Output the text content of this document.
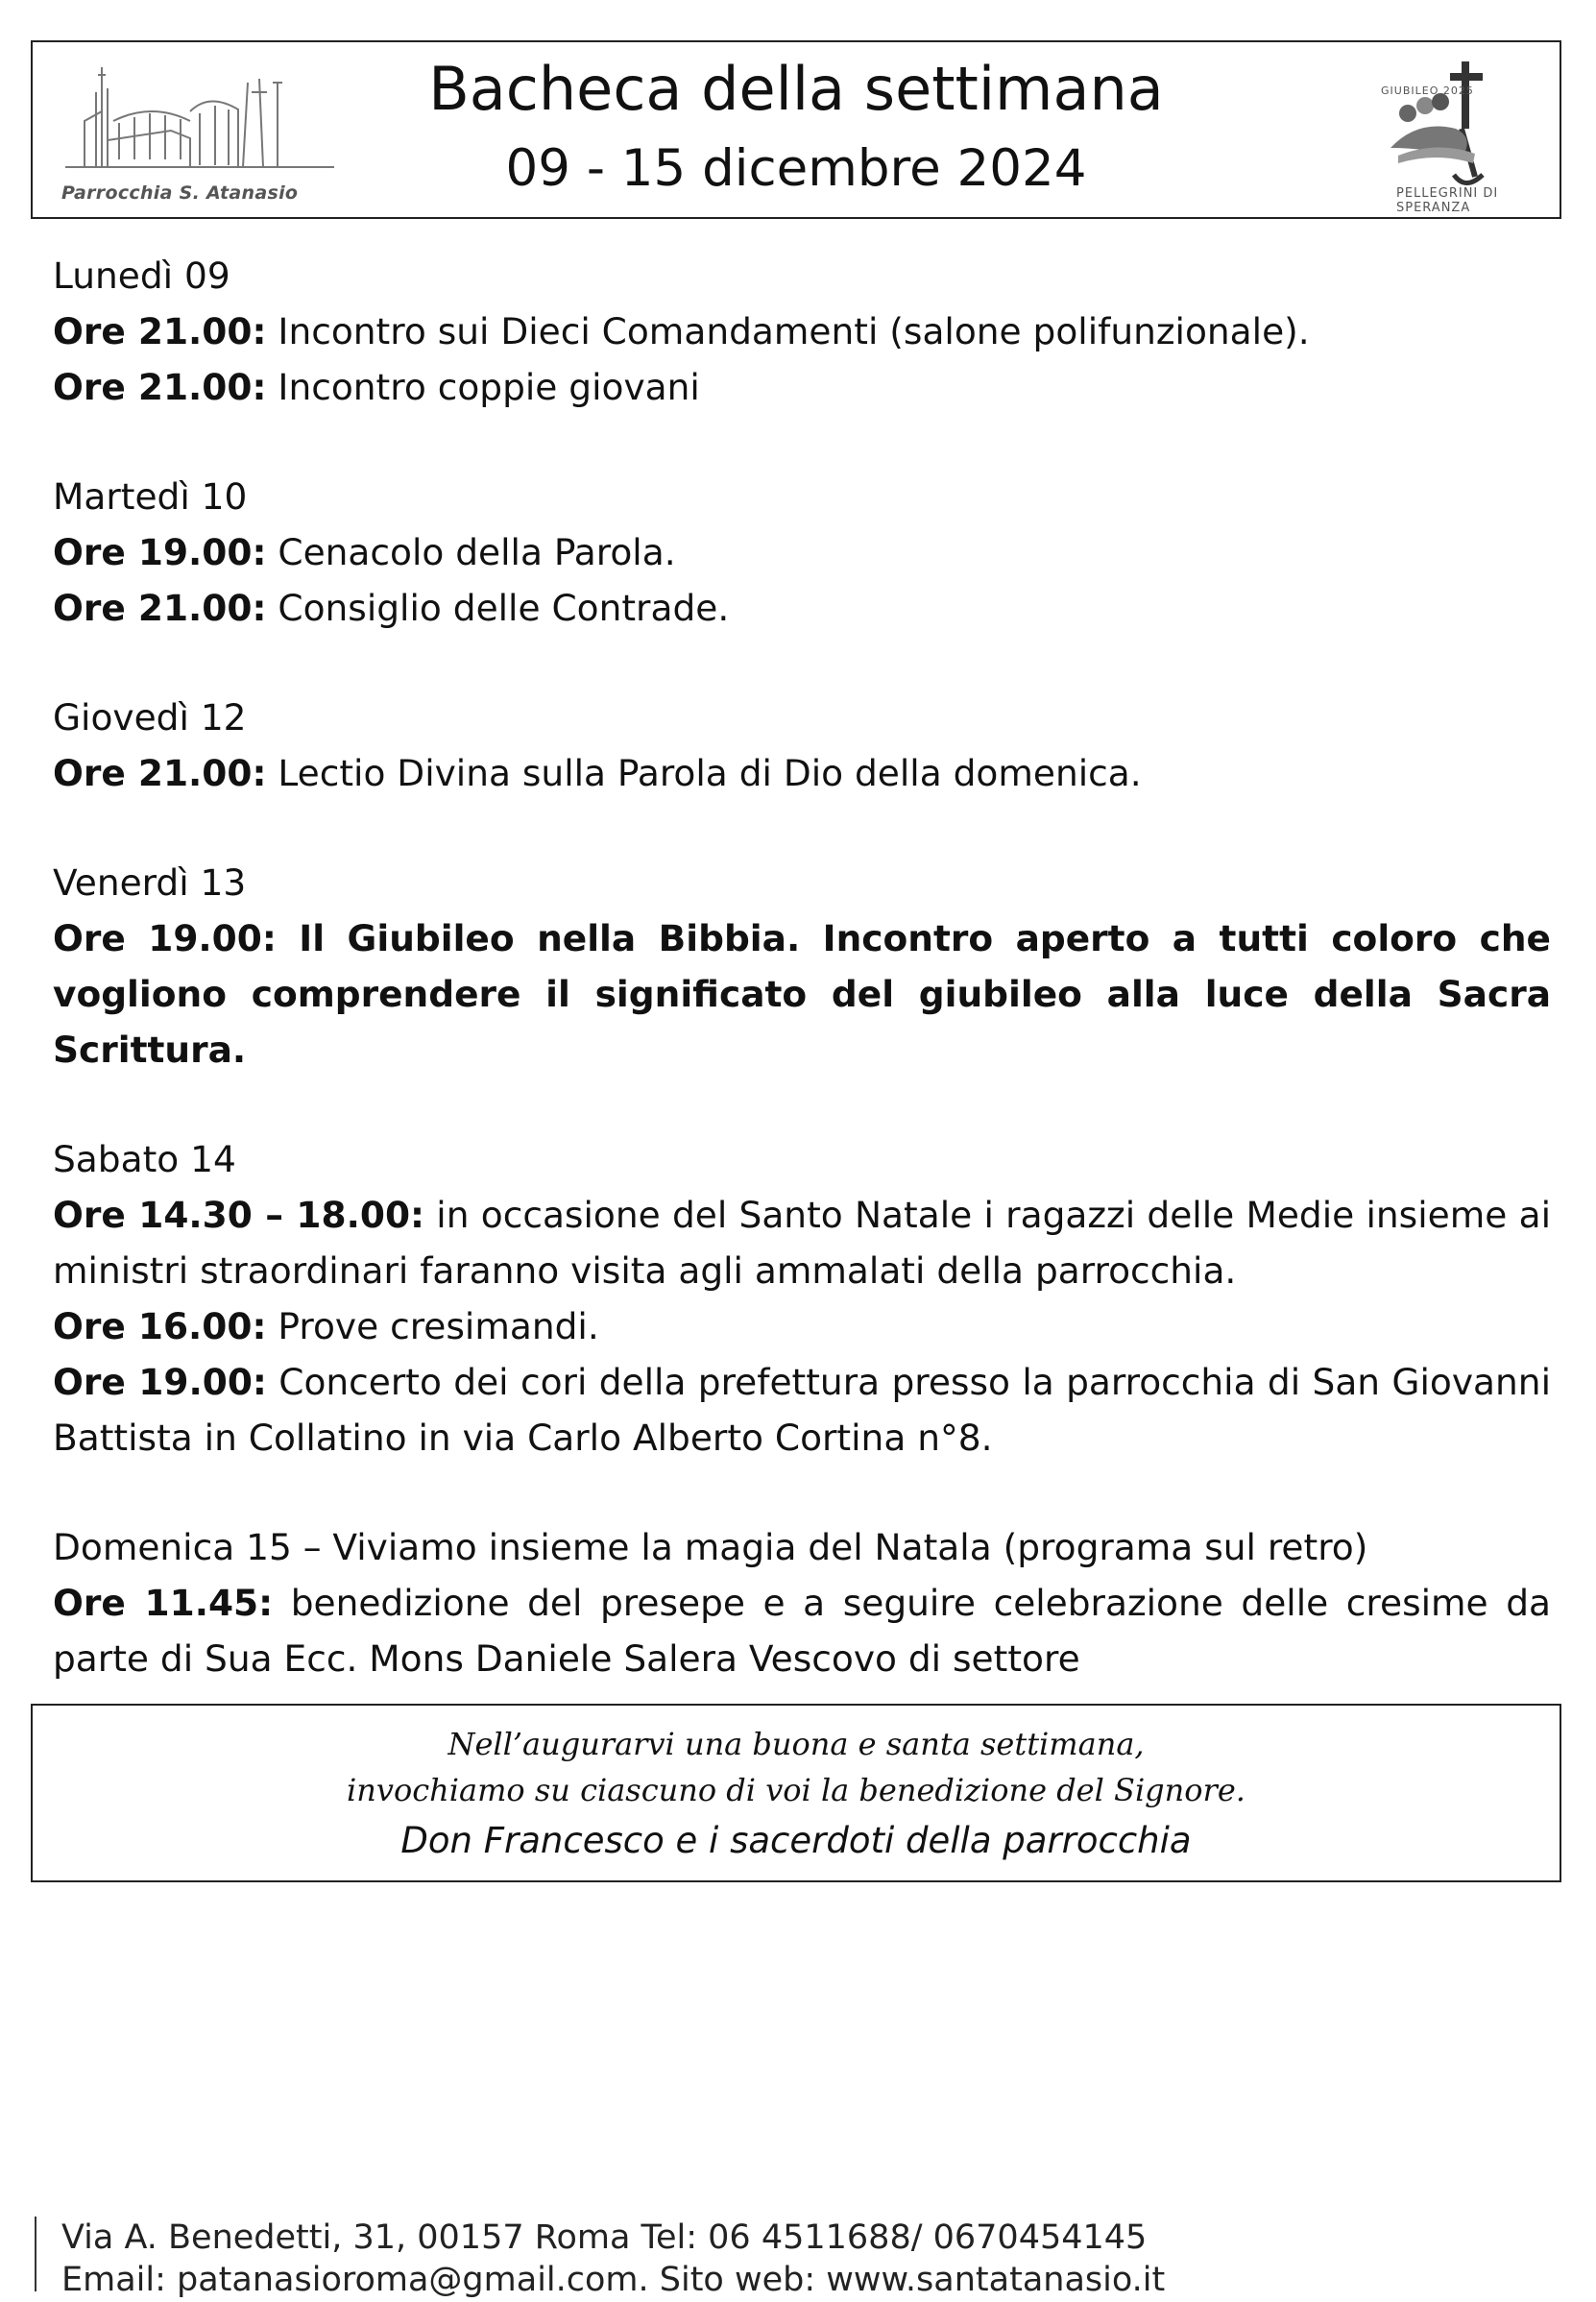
Parrocchia S. Atanasio
Bacheca della settimana
09 - 15 dicembre 2024
GIUBILEO 2025
PELLEGRINI DI SPERANZA
Lunedì 09
Ore 21.00: Incontro sui Dieci Comandamenti (salone polifunzionale).
Ore 21.00: Incontro coppie giovani
Martedì 10
Ore 19.00: Cenacolo della Parola.
Ore 21.00: Consiglio delle Contrade.
Giovedì 12
Ore 21.00: Lectio Divina sulla Parola di Dio della domenica.
Venerdì 13
Ore 19.00: Il Giubileo nella Bibbia. Incontro aperto a tutti coloro che vogliono comprendere il significato del giubileo alla luce della Sacra Scrittura.
Sabato 14
Ore 14.30 – 18.00: in occasione del Santo Natale i ragazzi delle Medie insieme ai ministri straordinari faranno visita agli ammalati della parrocchia.
Ore 16.00: Prove cresimandi.
Ore 19.00: Concerto dei cori della prefettura presso la parrocchia di San Giovanni Battista in Collatino in via Carlo Alberto Cortina n°8.
Domenica 15 – Viviamo insieme la magia del Natala (programa sul retro)
Ore 11.45: benedizione del presepe e a seguire celebrazione delle cresime da parte di Sua Ecc. Mons Daniele Salera Vescovo di settore
Nell’augurarvi una buona e santa settimana,
invochiamo su ciascuno di voi la benedizione del Signore.
Don Francesco e i sacerdoti della parrocchia
Via A. Benedetti, 31, 00157 Roma Tel: 06 4511688/ 0670454145
Email: patanasioroma@gmail.com. Sito web: www.santatanasio.it
